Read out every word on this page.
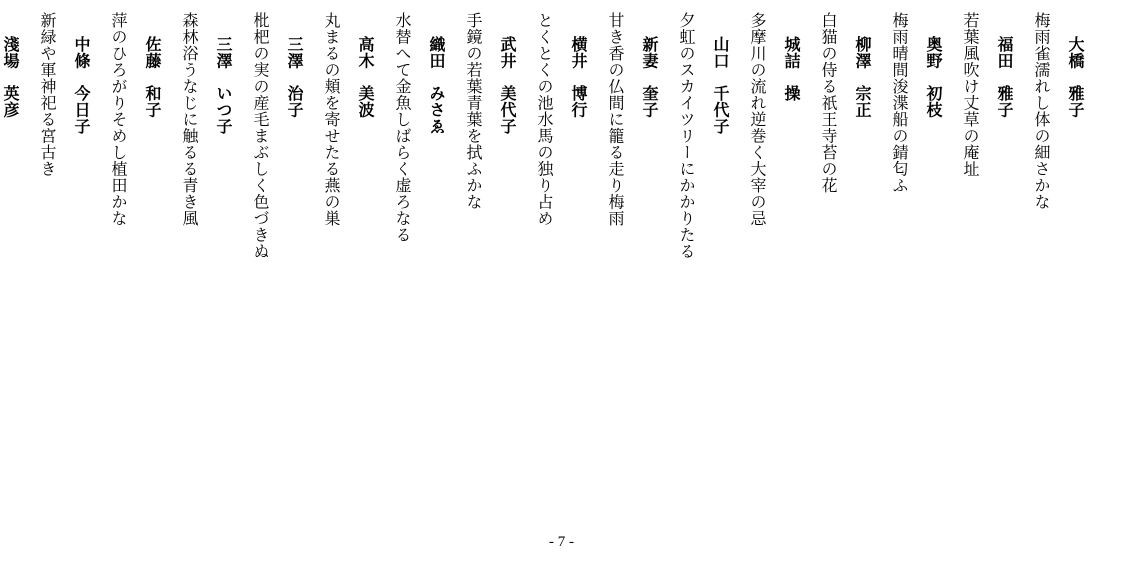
大橋雅子
梅雨雀濡れし体の細さかな
福田雅子
若葉風吹け丈草の庵址
奥野初枝
梅雨晴間浚渫船の錆匂ふ
柳澤宗正
白猫の侍る祇王寺苔の花
城詰操
多摩川の流れ逆巻く大宰の忌
山口千代子
夕虹のスカイツリーにかかりたる
新妻奎子
甘き香の仏間に籠る走り梅雨
横井博行
とくとくの池水馬の独り占め
武井美代子
手鏡の若葉青葉を拭ふかな
織田みさゑ
水替へて金魚しばらく虚ろなる
高木美波
丸まるの頬を寄せたる燕の巣
三澤治子
枇杷の実の産毛まぶしく色づきぬ
三澤いつ子
森林浴うなじに触るる青き風
佐藤和子
萍のひろがりそめし植田かな
中條今日子
新緑や軍神祀る宮古き
淺場英彦
- 7 -
